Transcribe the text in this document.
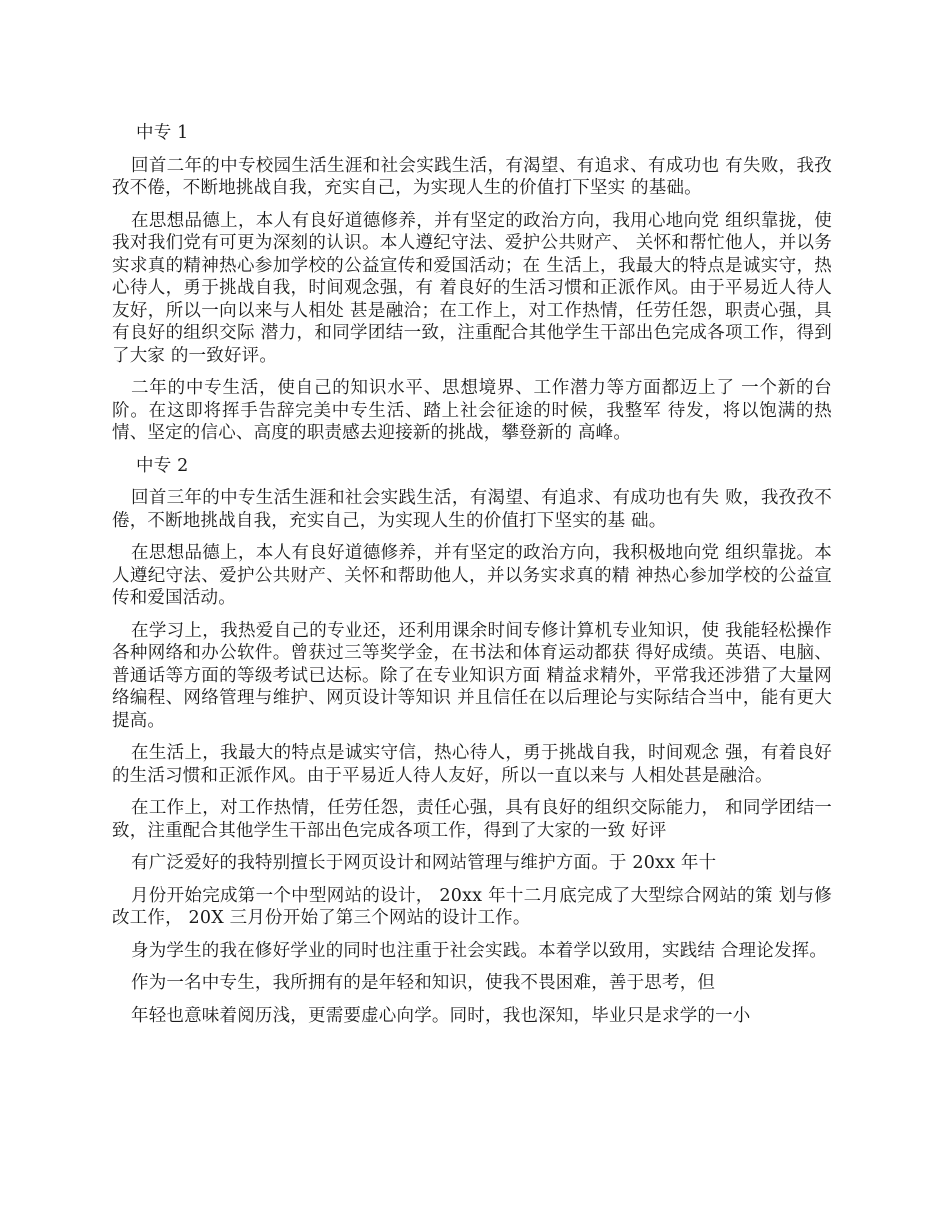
中专 1

回首二年的中专校园生活生涯和社会实践生活，有渴望、有追求、有成功也 有失败，我孜孜不倦，不断地挑战自我，充实自己，为实现人生的价值打下坚实 的基础。

在思想品德上，本人有良好道德修养，并有坚定的政治方向，我用心地向党 组织靠拢，使我对我们党有可更为深刻的认识。本人遵纪守法、爱护公共财产、 关怀和帮忙他人，并以务实求真的精神热心参加学校的公益宣传和爱国活动；在 生活上，我最大的特点是诚实守，热心待人，勇于挑战自我，时间观念强，有 着良好的生活习惯和正派作风。由于平易近人待人友好，所以一向以来与人相处 甚是融洽；在工作上，对工作热情，任劳任怨，职责心强，具有良好的组织交际 潜力，和同学团结一致，注重配合其他学生干部出色完成各项工作，得到了大家 的一致好评。

二年的中专生活，使自己的知识水平、思想境界、工作潜力等方面都迈上了 一个新的台阶。在这即将挥手告辞完美中专生活、踏上社会征途的时候，我整军 待发，将以饱满的热情、坚定的信心、高度的职责感去迎接新的挑战，攀登新的 高峰。

中专 2

回首三年的中专生活生涯和社会实践生活，有渴望、有追求、有成功也有失 败，我孜孜不倦，不断地挑战自我，充实自己，为实现人生的价值打下坚实的基 础。

在思想品德上，本人有良好道德修养，并有坚定的政治方向，我积极地向党 组织靠拢。本人遵纪守法、爱护公共财产、关怀和帮助他人，并以务实求真的精 神热心参加学校的公益宣传和爱国活动。

在学习上，我热爱自己的专业还，还利用课余时间专修计算机专业知识，使 我能轻松操作各种网络和办公软件。曾获过三等奖学金，在书法和体育运动都获 得好成绩。英语、电脑、普通话等方面的等级考试已达标。除了在专业知识方面 精益求精外，平常我还涉猎了大量网络编程、网络管理与维护、网页设计等知识 并且信任在以后理论与实际结合当中，能有更大提高。

在生活上，我最大的特点是诚实守信，热心待人，勇于挑战自我，时间观念 强，有着良好的生活习惯和正派作风。由于平易近人待人友好，所以一直以来与 人相处甚是融洽。

在工作上，对工作热情，任劳任怨，责任心强，具有良好的组织交际能力， 和同学团结一致，注重配合其他学生干部出色完成各项工作，得到了大家的一致 好评

有广泛爱好的我特别擅长于网页设计和网站管理与维护方面。于 20xx 年十

月份开始完成第一个中型网站的设计， 20xx 年十二月底完成了大型综合网站的策 划与修改工作， 20X 三月份开始了第三个网站的设计工作。

身为学生的我在修好学业的同时也注重于社会实践。本着学以致用，实践结 合理论发挥。

作为一名中专生，我所拥有的是年轻和知识，使我不畏困难，善于思考，但

年轻也意味着阅历浅，更需要虚心向学。同时，我也深知，毕业只是求学的一小
